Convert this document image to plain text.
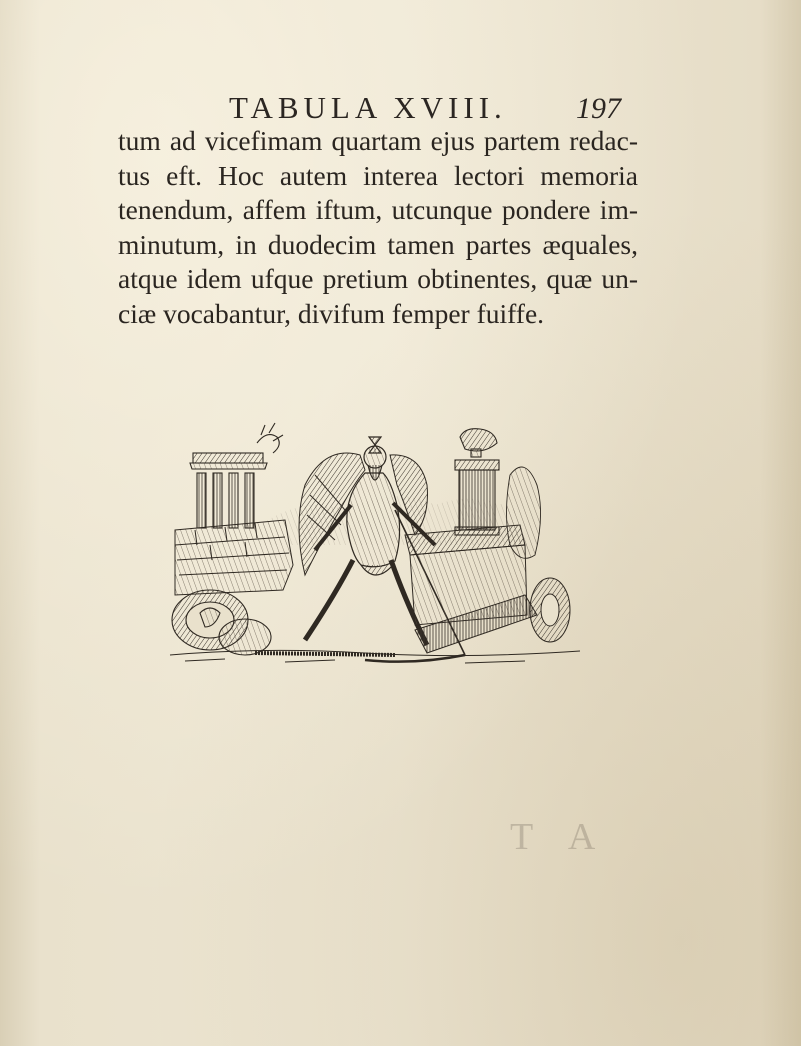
TABULA XVIII. 197
tum ad vicefimam quartam ejus partem redac-
tus eft. Hoc autem interea lectori memoria
tenendum, affem iftum, utcunque pondere im-
minutum, in duodecim tamen partes æquales,
atque idem ufque pretium obtinentes, quæ un-
ciæ vocabantur, divifum femper fuiffe.
T A
